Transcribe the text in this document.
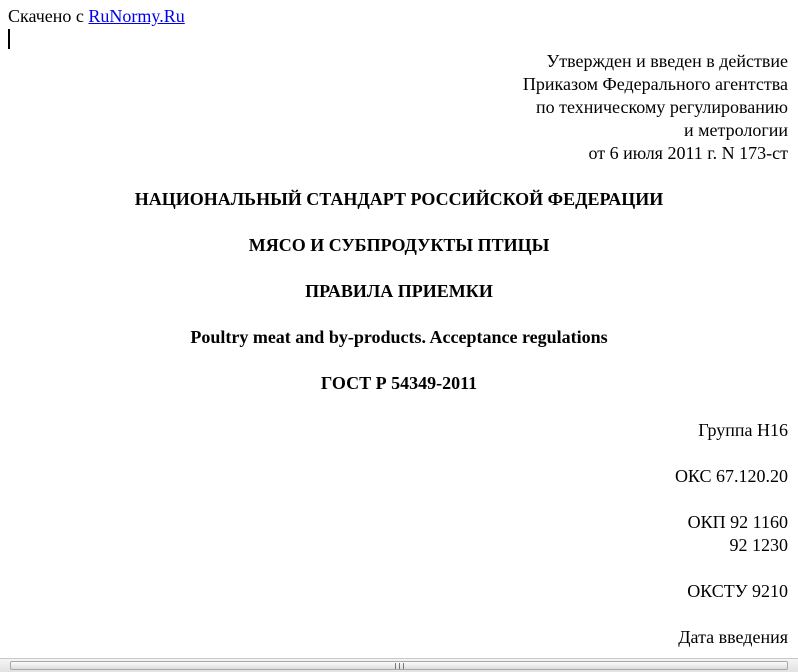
Скачено с RuNormy.Ru
Утвержден и введен в действие
Приказом Федерального агентства
по техническому регулированию
и метрологии
от 6 июля 2011 г. N 173-ст
НАЦИОНАЛЬНЫЙ СТАНДАРТ РОССИЙСКОЙ ФЕДЕРАЦИИ
МЯСО И СУБПРОДУКТЫ ПТИЦЫ
ПРАВИЛА ПРИЕМКИ
Poultry meat and by-products. Acceptance regulations
ГОСТ Р 54349-2011
Группа Н16
ОКС 67.120.20
ОКП 92 1160
92 1230
ОКСТУ 9210
Дата введения
